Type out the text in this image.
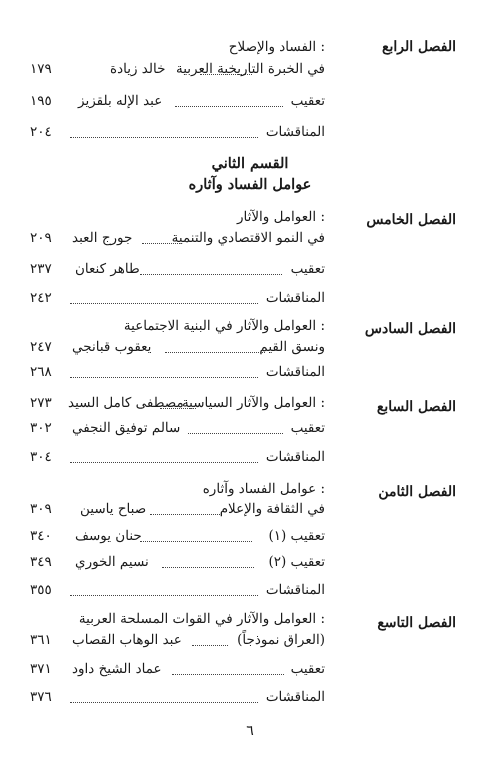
الفصل الرابع
: الفساد والإصلاح
في الخبرة التاريخية العربية
خالد زيادة
١٧٩
تعقيب
عبد الإله بلقزيز
١٩٥
المناقشات
٢٠٤
القسم الثاني
عوامل الفساد وآثاره
الفصل الخامس
: العوامل والآثار
في النمو الاقتصادي والتنمية
جورج العبد
٢٠٩
تعقيب
طاهر كنعان
٢٣٧
المناقشات
٢٤٢
الفصل السادس
: العوامل والآثار في البنية الاجتماعية
ونسق القيم
يعقوب قبانجي
٢٤٧
المناقشات
٢٦٨
الفصل السابع
: العوامل والآثار السياسية
مصطفى كامل السيد
٢٧٣
تعقيب
سالم توفيق النجفي
٣٠٢
المناقشات
٣٠٤
الفصل الثامن
: عوامل الفساد وآثاره
في الثقافة والإعلام
صباح ياسين
٣٠٩
تعقيب (١)
حنان يوسف
٣٤٠
تعقيب (٢)
نسيم الخوري
٣٤٩
المناقشات
٣٥٥
الفصل التاسع
: العوامل والآثار في القوات المسلحة العربية
(العراق نموذجاً)
عبد الوهاب القصاب
٣٦١
تعقيب
عماد الشيخ داود
٣٧١
المناقشات
٣٧٦
٦
